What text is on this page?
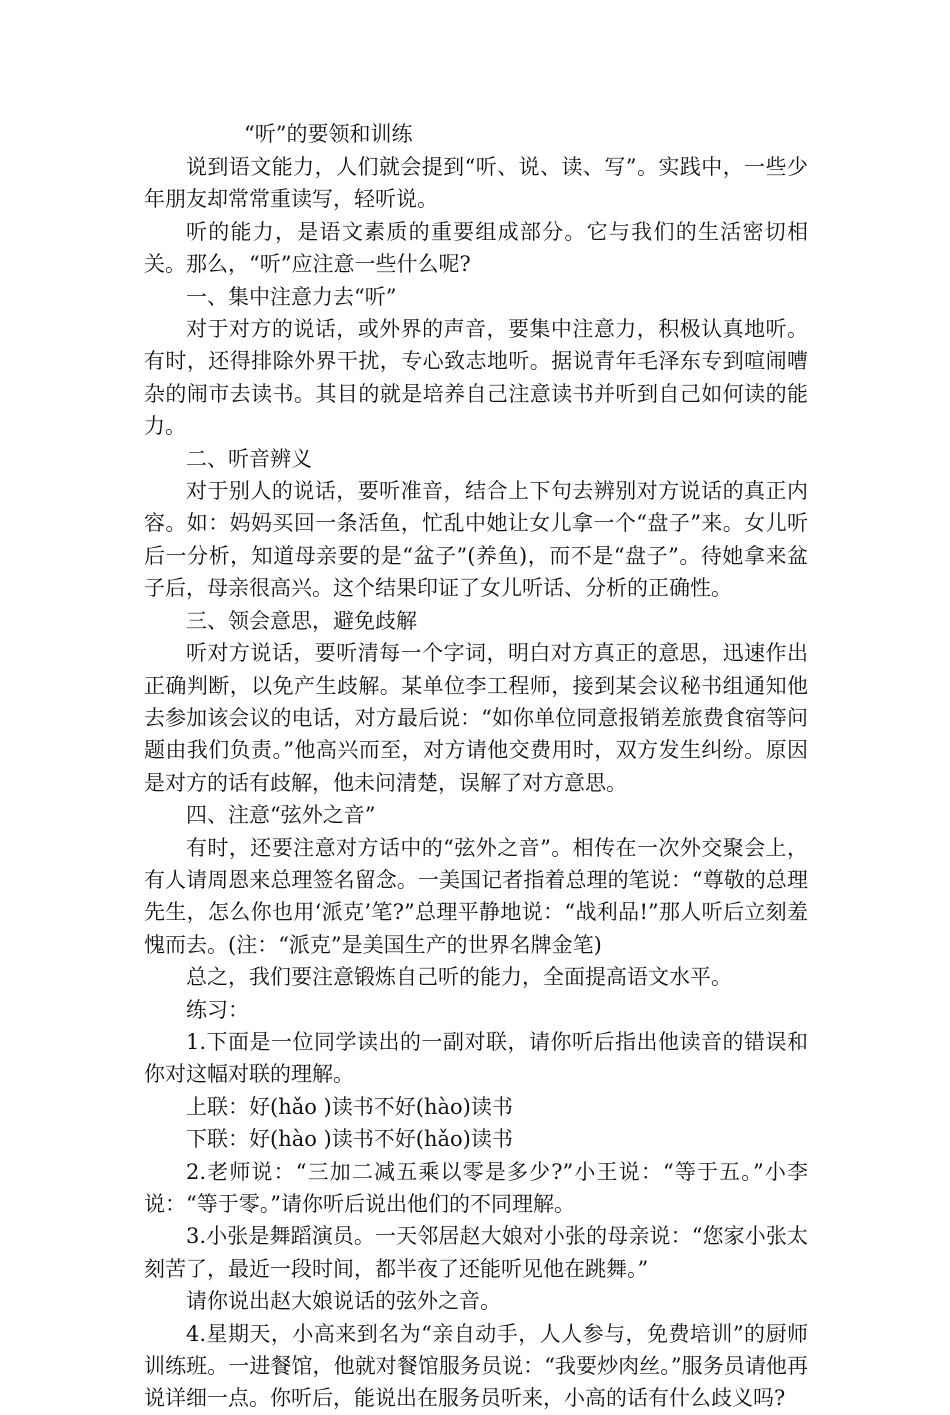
“听”的要领和训练

说到语文能力，人们就会提到“听、说、读、写”。实践中，一些少年朋友却常常重读写，轻听说。

听的能力，是语文素质的重要组成部分。它与我们的生活密切相关。那么，“听”应注意一些什么呢?

一、集中注意力去“听”

对于对方的说话，或外界的声音，要集中注意力，积极认真地听。有时，还得排除外界干扰，专心致志地听。据说青年毛泽东专到喧闹嘈杂的闹市去读书。其目的就是培养自己注意读书并听到自己如何读的能力。

二、听音辨义

对于别人的说话，要听准音，结合上下句去辨别对方说话的真正内容。如：妈妈买回一条活鱼，忙乱中她让女儿拿一个“盘子”来。女儿听后一分析，知道母亲要的是“盆子”(养鱼)，而不是“盘子”。待她拿来盆子后，母亲很高兴。这个结果印证了女儿听话、分析的正确性。

三、领会意思，避免歧解

听对方说话，要听清每一个字词，明白对方真正的意思，迅速作出正确判断，以免产生歧解。某单位李工程师，接到某会议秘书组通知他去参加该会议的电话，对方最后说：“如你单位同意报销差旅费食宿等问题由我们负责。”他高兴而至，对方请他交费用时，双方发生纠纷。原因是对方的话有歧解，他未问清楚，误解了对方意思。

四、注意“弦外之音”

有时，还要注意对方话中的“弦外之音”。相传在一次外交聚会上，有人请周恩来总理签名留念。一美国记者指着总理的笔说：“尊敬的总理先生，怎么你也用‘派克’笔?”总理平静地说：“战利品!”那人听后立刻羞愧而去。(注：“派克”是美国生产的世界名牌金笔)

总之，我们要注意锻炼自己听的能力，全面提高语文水平。

练习：

1.下面是一位同学读出的一副对联，请你听后指出他读音的错误和你对这幅对联的理解。

上联：好(hǎo )读书不好(hào)读书

下联：好(hào )读书不好(hǎo)读书

2.老师说：“三加二减五乘以零是多少?”小王说：“等于五。”小李说：“等于零。”请你听后说出他们的不同理解。

3.小张是舞蹈演员。一天邻居赵大娘对小张的母亲说：“您家小张太刻苦了，最近一段时间，都半夜了还能听见他在跳舞。”

请你说出赵大娘说话的弦外之音。

4.星期天，小高来到名为“亲自动手，人人参与，免费培训”的厨师训练班。一进餐馆，他就对餐馆服务员说：“我要炒肉丝。”服务员请他再说详细一点。你听后，能说出在服务员听来，小高的话有什么歧义吗?
